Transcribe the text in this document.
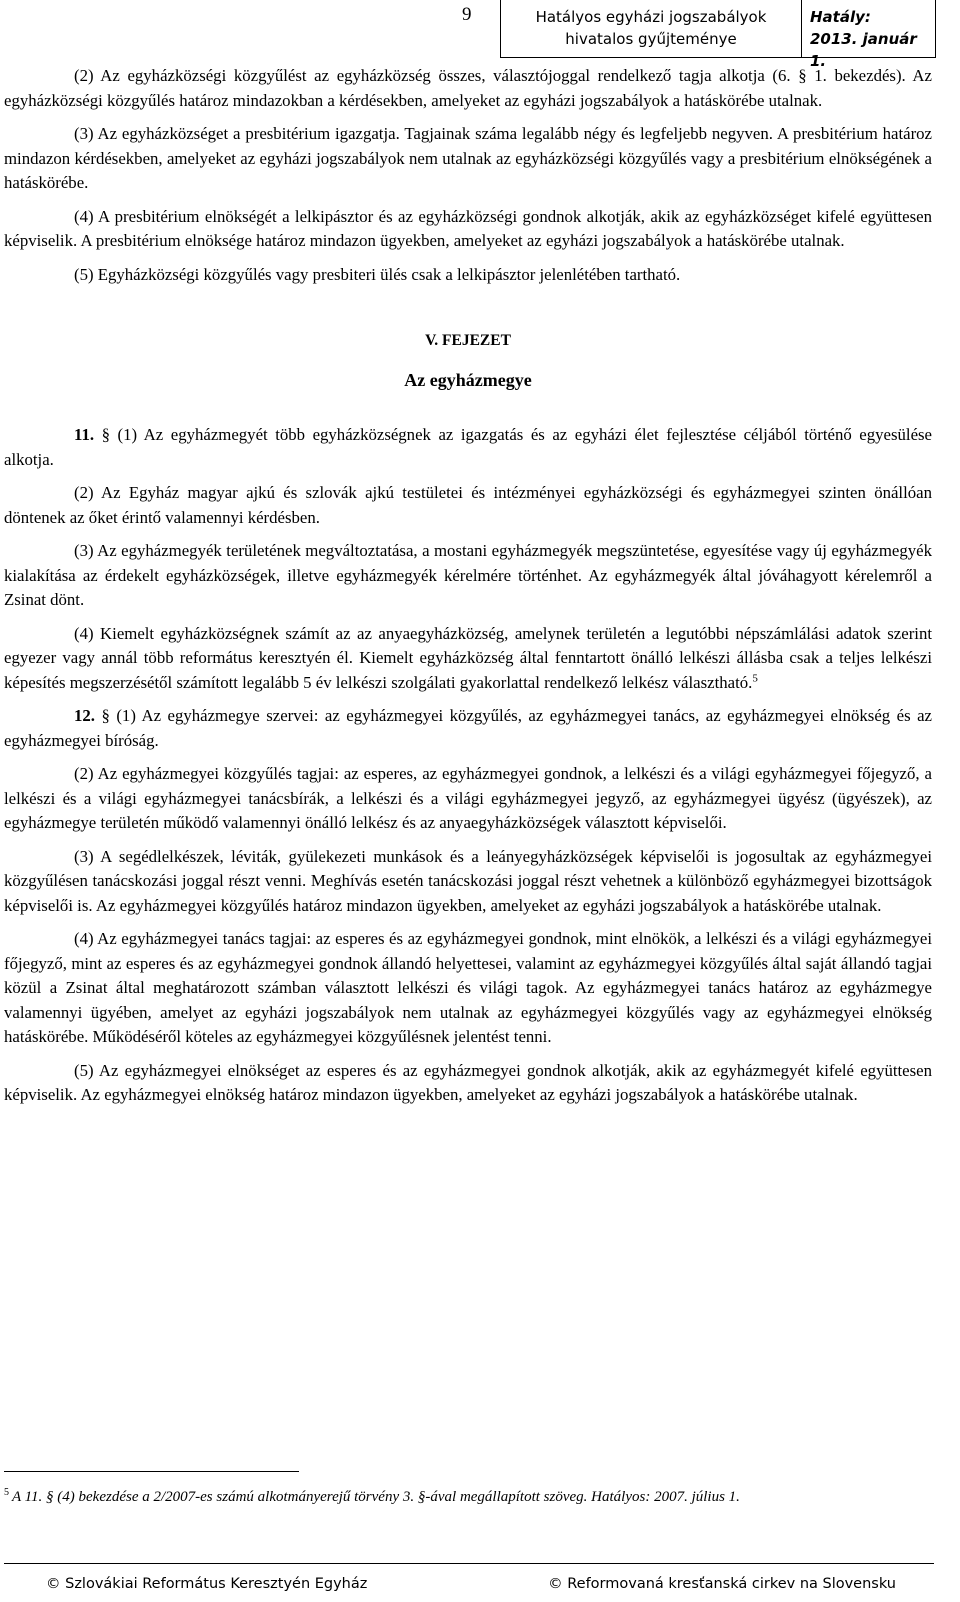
9	Hatályos egyházi jogszabályok
hivatalos gyűjteménye
Hatály:
2013. január 1.

(2) Az egyházközségi közgyűlést az egyházközség összes, választójoggal rendelkező tagja alkotja (6. § 1. bekezdés). Az egyházközségi közgyűlés határoz mindazokban a kérdésekben, amelyeket az egyházi jogszabályok a hatáskörébe utalnak.

(3) Az egyházközséget a presbitérium igazgatja. Tagjainak száma legalább négy és legfeljebb negyven. A presbitérium határoz mindazon kérdésekben, amelyeket az egyházi jogszabályok nem utalnak az egyházközségi közgyűlés vagy a presbitérium elnökségének a hatáskörébe.

(4) A presbitérium elnökségét a lelkipásztor és az egyházközségi gondnok alkotják, akik az egyházközséget kifelé együttesen képviselik. A presbitérium elnöksége határoz mindazon ügyekben, amelyeket az egyházi jogszabályok a hatáskörébe utalnak.

(5) Egyházközségi közgyűlés vagy presbiteri ülés csak a lelkipásztor jelenlétében tartható.

V. FEJEZET
Az egyházmegye

11. § (1) Az egyházmegyét több egyházközségnek az igazgatás és az egyházi élet fejlesztése céljából történő egyesülése alkotja.

(2) Az Egyház magyar ajkú és szlovák ajkú testületei és intézményei egyházközségi és egyházmegyei szinten önállóan döntenek az őket érintő valamennyi kérdésben.

(3) Az egyházmegyék területének megváltoztatása, a mostani egyházmegyék megszüntetése, egyesítése vagy új egyházmegyék kialakítása az érdekelt egyházközségek, illetve egyházmegyék kérelmére történhet. Az egyházmegyék által jóváhagyott kérelemről a Zsinat dönt.

(4) Kiemelt egyházközségnek számít az az anyaegyházközség, amelynek területén a legutóbbi népszámlálási adatok szerint egyezer vagy annál több református keresztyén él. Kiemelt egyházközség által fenntartott önálló lelkészi állásba csak a teljes lelkészi képesítés megszerzésétől számított legalább 5 év lelkészi szolgálati gyakorlattal rendelkező lelkész választható.$^5$

12. § (1) Az egyházmegye szervei: az egyházmegyei közgyűlés, az egyházmegyei tanács, az egyházmegyei elnökség és az egyházmegyei bíróság.

(2) Az egyházmegyei közgyűlés tagjai: az esperes, az egyházmegyei gondnok, a lelkészi és a világi egyházmegyei főjegyző, a lelkészi és a világi egyházmegyei tanácsbírák, a lelkészi és a világi egyházmegyei jegyző, az egyházmegyei ügyész (ügyészek), az egyházmegye területén működő valamennyi önálló lelkész és az anyaegyházközségek választott képviselői.

(3) A segédlelkészek, léviták, gyülekezeti munkások és a leányegyházközségek képviselői is jogosultak az egyházmegyei közgyűlésen tanácskozási joggal részt venni. Meghívás esetén tanácskozási joggal részt vehetnek a különböző egyházmegyei bizottságok képviselői is. Az egyházmegyei közgyűlés határoz mindazon ügyekben, amelyeket az egyházi jogszabályok a hatáskörébe utalnak.

(4) Az egyházmegyei tanács tagjai: az esperes és az egyházmegyei gondnok, mint elnökök, a lelkészi és a világi egyházmegyei főjegyző, mint az esperes és az egyházmegyei gondnok állandó helyettesei, valamint az egyházmegyei közgyűlés által saját állandó tagjai közül a Zsinat által meghatározott számban választott lelkészi és világi tagok. Az egyházmegyei tanács határoz az egyházmegye valamennyi ügyében, amelyet az egyházi jogszabályok nem utalnak az egyházmegyei közgyűlés vagy az egyházmegyei elnökség hatáskörébe. Működéséről köteles az egyházmegyei közgyűlésnek jelentést tenni.

(5) Az egyházmegyei elnökséget az esperes és az egyházmegyei gondnok alkotják, akik az egyházmegyét kifelé együttesen képviselik. Az egyházmegyei elnökség határoz mindazon ügyekben, amelyeket az egyházi jogszabályok a hatáskörébe utalnak.

$^5$ A 11. § (4) bekezdése a 2/2007-es számú alkotmányerejű törvény 3. §-ával megállapított szöveg. Hatályos: 2007. július 1.
© Szlovákiai Református Keresztyén Egyház	© Reformovaná kresťanská cirkev na Slovensku
